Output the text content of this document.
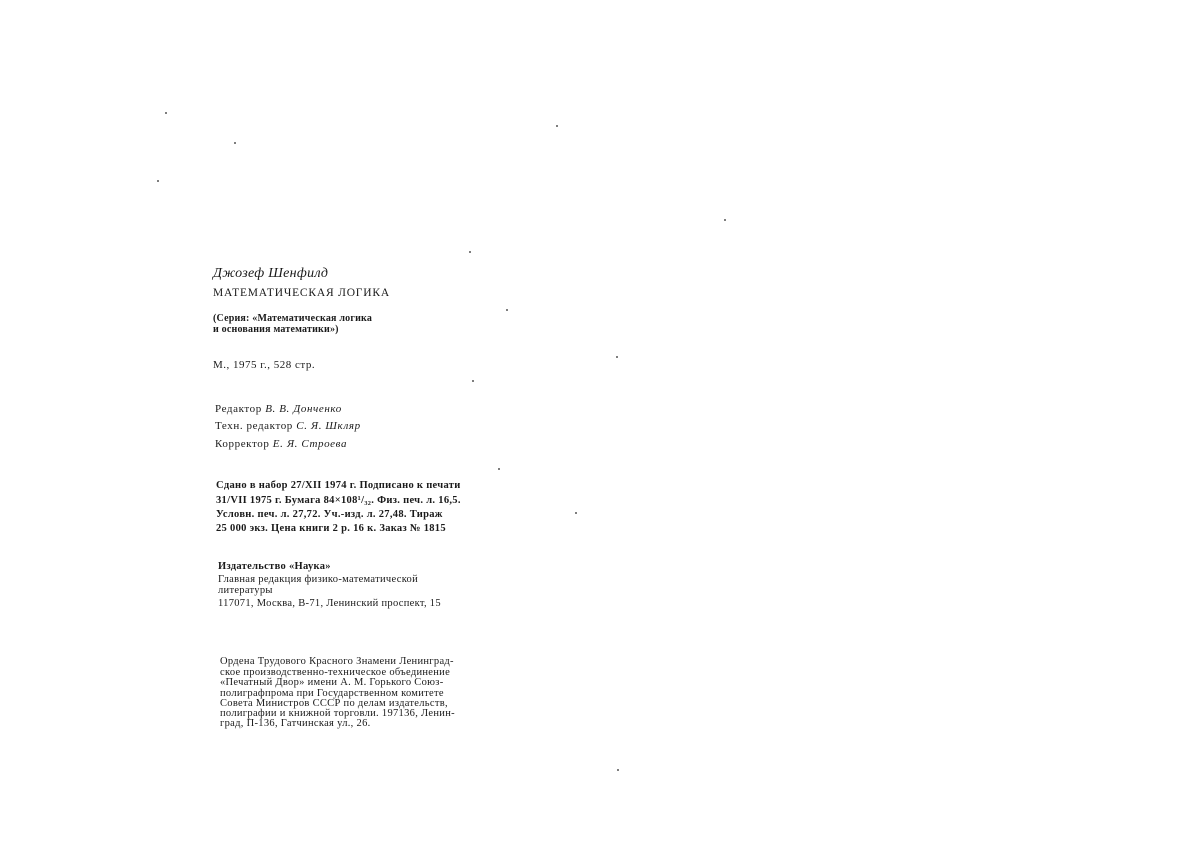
Джозеф Шенфилд
МАТЕМАТИЧЕСКАЯ ЛОГИКА
(Серия: «Математическая логика
и основания математики»)
М., 1975 г., 528 стр.
Редактор В. В. Донченко
Техн. редактор С. Я. Шкляр
Корректор Е. Я. Строева
Сдано в набор 27/XII 1974 г. Подписано к печати
31/VII 1975 г. Бумага 84×108¹/₃₂. Физ. печ. л. 16,5.
Условн. печ. л. 27,72. Уч.-изд. л. 27,48. Тираж
25 000 экз. Цена книги 2 р. 16 к. Заказ № 1815
Издательство «Наука»
Главная редакция физико-математической
литературы
117071, Москва, В-71, Ленинский проспект, 15
Ордена Трудового Красного Знамени Ленинград-
ское производственно-техническое объединение
«Печатный Двор» имени А. М. Горького Союз-
полиграфпрома при Государственном комитете
Совета Министров СССР по делам издательств,
полиграфии и книжной торговли. 197136, Ленин-
град, П-136, Гатчинская ул., 26.
